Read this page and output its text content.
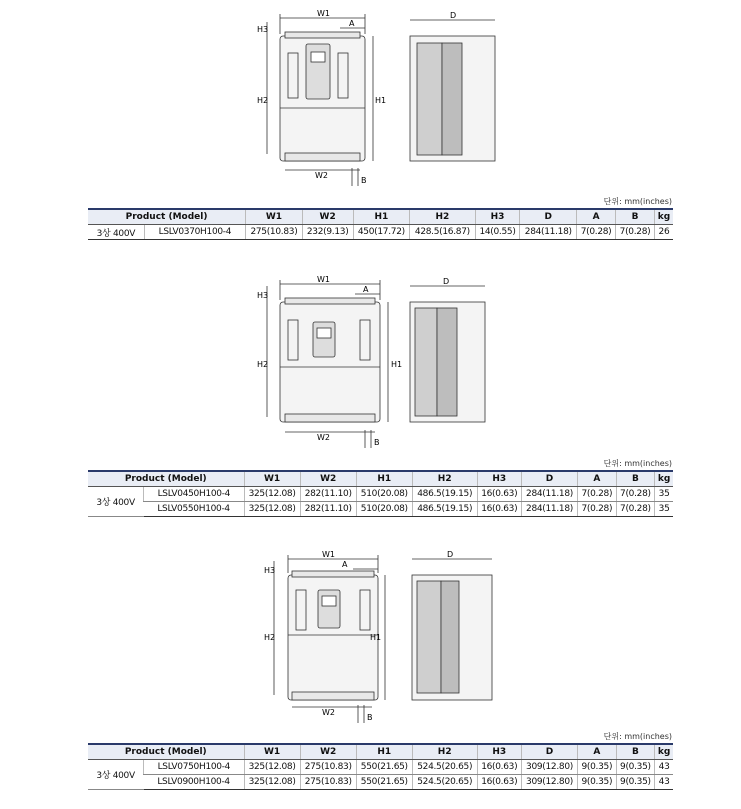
W1
A
H3
H2	H1
W2
B
D
단위: mm(inches)
Product (Model)		W1	W2	H1	H2	H3	D	A	B	kg
3상 400V	LSLV0370H100-4	275(10.83)	232(9.13)	450(17.72)	428.5(16.87)	14(0.55)	284(11.18)	7(0.28)	7(0.28)	26
W1
A
H3
H2	H1
W2
B
D
단위: mm(inches)
Product (Model)		W1	W2	H1	H2	H3	D	A	B	kg
3상 400V	LSLV0450H100-4	325(12.08)	282(11.10)	510(20.08)	486.5(19.15)	16(0.63)	284(11.18)	7(0.28)	7(0.28)	35
	LSLV0550H100-4	325(12.08)	282(11.10)	510(20.08)	486.5(19.15)	16(0.63)	284(11.18)	7(0.28)	7(0.28)	35
W1
A
H3
H2	H1
W2
B
D
단위: mm(inches)
Product (Model)		W1	W2	H1	H2	H3	D	A	B	kg
3상 400V	LSLV0750H100-4	325(12.08)	275(10.83)	550(21.65)	524.5(20.65)	16(0.63)	309(12.80)	9(0.35)	9(0.35)	43
	LSLV0900H100-4	325(12.08)	275(10.83)	550(21.65)	524.5(20.65)	16(0.63)	309(12.80)	9(0.35)	9(0.35)	43
